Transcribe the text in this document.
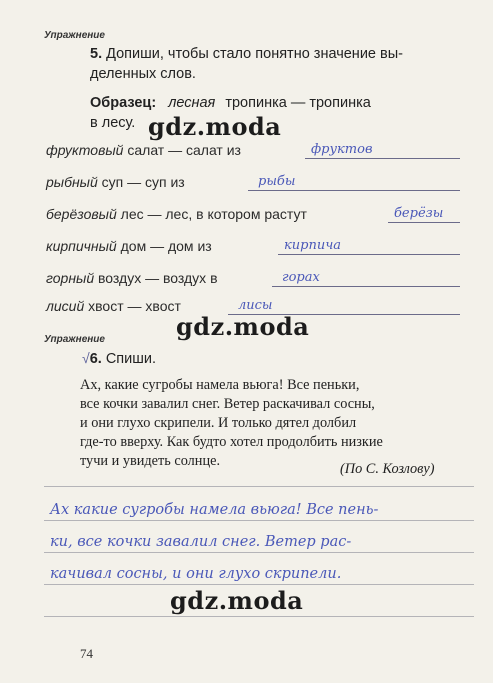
Упражнение
5. Допиши, чтобы стало понятно значение вы-
деленных слов.
Образец: лесная тропинка — тропинка
в лесу.
фруктовый салат — салат из	фруктов
рыбный суп — суп из	рыбы
берёзовый лес — лес, в котором растут	берёзы
кирпичный дом — дом из	кирпича
горный воздух — воздух в	горах
лисий хвост — хвост	лисы
Упражнение
√6. Спиши.
Ах, какие сугробы намела вьюга! Все пеньки,
все кочки завалил снег. Ветер раскачивал сосны,
и они глухо скрипели. И только дятел долбил
где-то вверху. Как будто хотел продолбить низкие
тучи и увидеть солнце.	(По С. Козлову)
Ах какие сугробы намела вьюга! Все пень-
ки, все кочки завалил снег. Ветер рас-
качивал сосны, и они глухо скрипели.
gdz.moda
gdz.moda
gdz.moda
74
